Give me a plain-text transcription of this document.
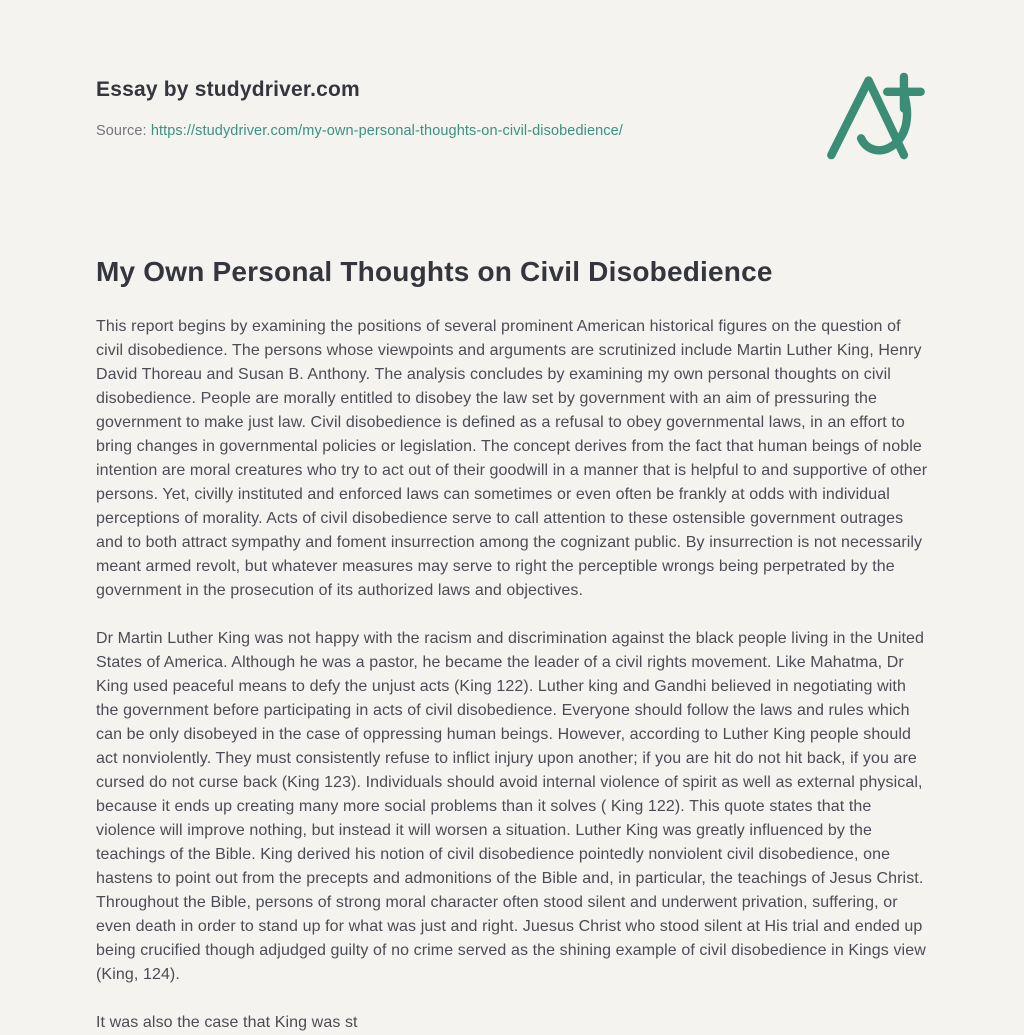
Essay by studydriver.com

Source: https://studydriver.com/my-own-personal-thoughts-on-civil-disobedience/

My Own Personal Thoughts on Civil Disobedience

This report begins by examining the positions of several prominent American historical figures on the question of civil disobedience. The persons whose viewpoints and arguments are scrutinized include Martin Luther King, Henry David Thoreau and Susan B. Anthony. The analysis concludes by examining my own personal thoughts on civil disobedience. People are morally entitled to disobey the law set by government with an aim of pressuring the government to make just law. Civil disobedience is defined as a refusal to obey governmental laws, in an effort to bring changes in governmental policies or legislation. The concept derives from the fact that human beings of noble intention are moral creatures who try to act out of their goodwill in a manner that is helpful to and supportive of other persons. Yet, civilly instituted and enforced laws can sometimes or even often be frankly at odds with individual perceptions of morality. Acts of civil disobedience serve to call attention to these ostensible government outrages and to both attract sympathy and foment insurrection among the cognizant public. By insurrection is not necessarily meant armed revolt, but whatever measures may serve to right the perceptible wrongs being perpetrated by the government in the prosecution of its authorized laws and objectives.

Dr Martin Luther King was not happy with the racism and discrimination against the black people living in the United States of America. Although he was a pastor, he became the leader of a civil rights movement. Like Mahatma, Dr King used peaceful means to defy the unjust acts (King 122). Luther king and Gandhi believed in negotiating with the government before participating in acts of civil disobedience. Everyone should follow the laws and rules which can be only disobeyed in the case of oppressing human beings. However, according to Luther King people should act nonviolently. They must consistently refuse to inflict injury upon another; if you are hit do not hit back, if you are cursed do not curse back (King 123). Individuals should avoid internal violence of spirit as well as external physical, because it ends up creating many more social problems than it solves ( King 122). This quote states that the violence will improve nothing, but instead it will worsen a situation. Luther King was greatly influenced by the teachings of the Bible. King derived his notion of civil disobedience pointedly nonviolent civil disobedience, one hastens to point out from the precepts and admonitions of the Bible and, in particular, the teachings of Jesus Christ. Throughout the Bible, persons of strong moral character often stood silent and underwent privation, suffering, or even death in order to stand up for what was just and right. Juesus Christ who stood silent at His trial and ended up being crucified though adjudged guilty of no crime served as the shining example of civil disobedience in Kings view (King, 124).

It was also the case that King was st
